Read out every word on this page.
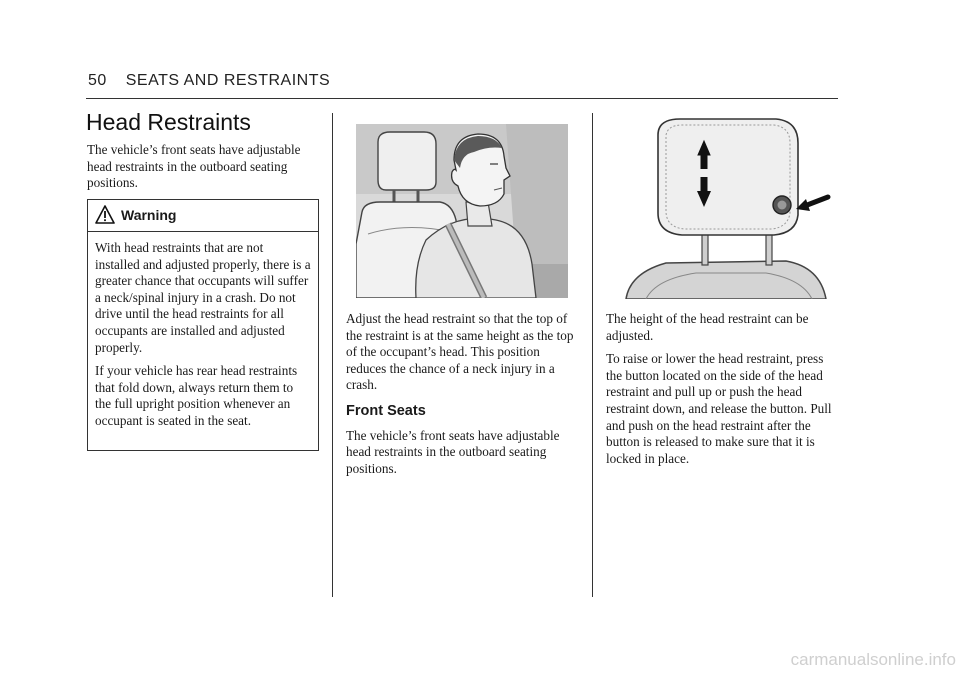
50 SEATS AND RESTRAINTS
Head Restraints

The vehicle’s front seats have adjustable head restraints in the outboard seating positions.

Warning

With head restraints that are not installed and adjusted properly, there is a greater chance that occupants will suffer a neck/spinal injury in a crash. Do not drive until the head restraints for all occupants are installed and adjusted properly.

If your vehicle has rear head restraints that fold down, always return them to the full upright position whenever an occupant is seated in the seat.

Adjust the head restraint so that the top of the restraint is at the same height as the top of the occupant’s head. This position reduces the chance of a neck injury in a crash.

Front Seats

The vehicle’s front seats have adjustable head restraints in the outboard seating positions.

The height of the head restraint can be adjusted.

To raise or lower the head restraint, press the button located on the side of the head restraint and pull up or push the head restraint down, and release the button. Pull and push on the head restraint after the button is released to make sure that it is locked in place.

carmanualsonline.info
